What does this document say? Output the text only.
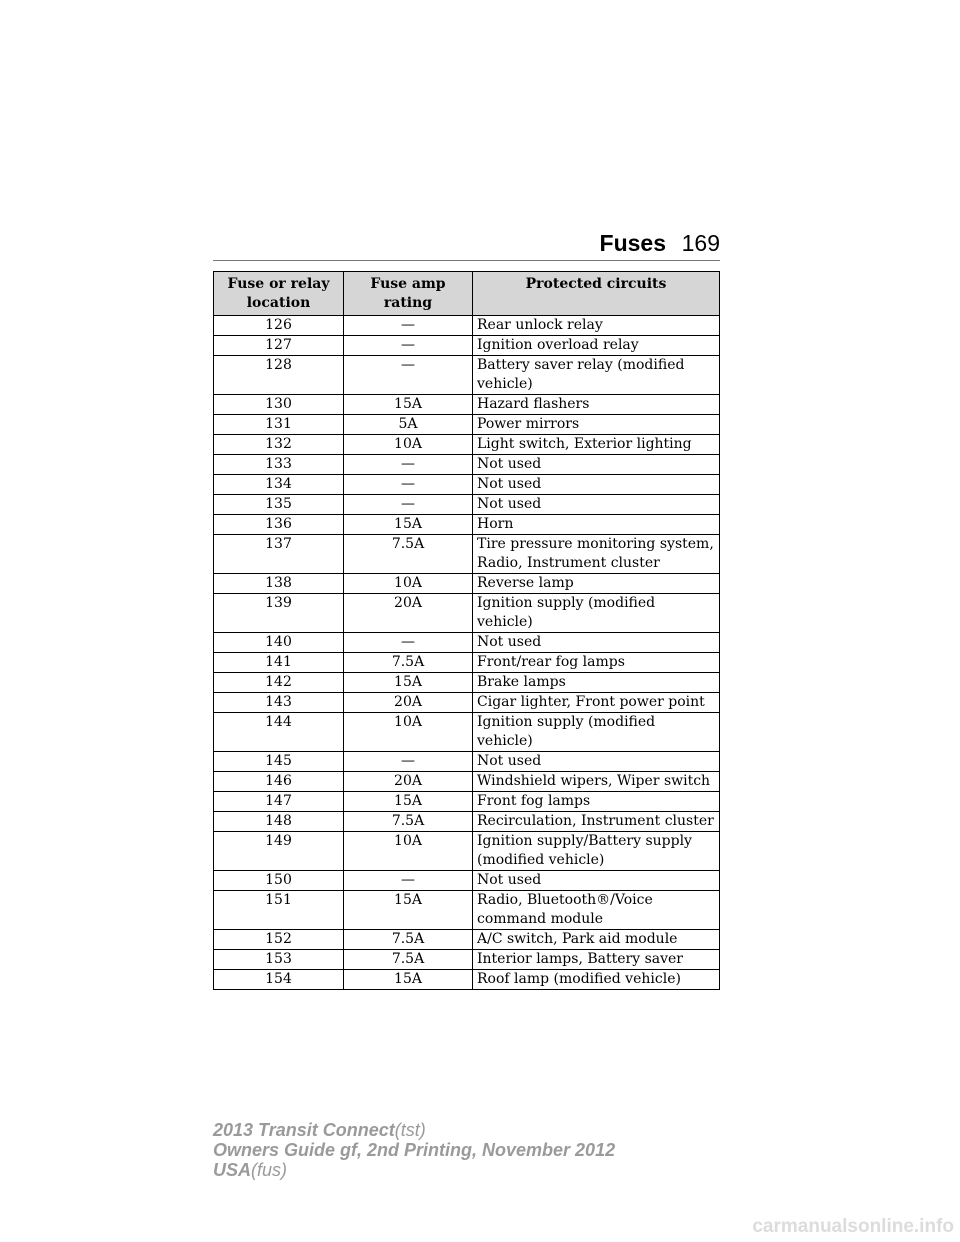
Fuses 169
Fuse or relay location	Fuse amp rating	Protected circuits
126	—	Rear unlock relay
127	—	Ignition overload relay
128	—	Battery saver relay (modified vehicle)
130	15A	Hazard flashers
131	5A	Power mirrors
132	10A	Light switch, Exterior lighting
133	—	Not used
134	—	Not used
135	—	Not used
136	15A	Horn
137	7.5A	Tire pressure monitoring system, Radio, Instrument cluster
138	10A	Reverse lamp
139	20A	Ignition supply (modified vehicle)
140	—	Not used
141	7.5A	Front/rear fog lamps
142	15A	Brake lamps
143	20A	Cigar lighter, Front power point
144	10A	Ignition supply (modified vehicle)
145	—	Not used
146	20A	Windshield wipers, Wiper switch
147	15A	Front fog lamps
148	7.5A	Recirculation, Instrument cluster
149	10A	Ignition supply/Battery supply (modified vehicle)
150	—	Not used
151	15A	Radio, Bluetooth®/Voice command module
152	7.5A	A/C switch, Park aid module
153	7.5A	Interior lamps, Battery saver
154	15A	Roof lamp (modified vehicle)
2013 Transit Connect(tst)
Owners Guide gf, 2nd Printing, November 2012
USA(fus)
carmanualsonline.info
